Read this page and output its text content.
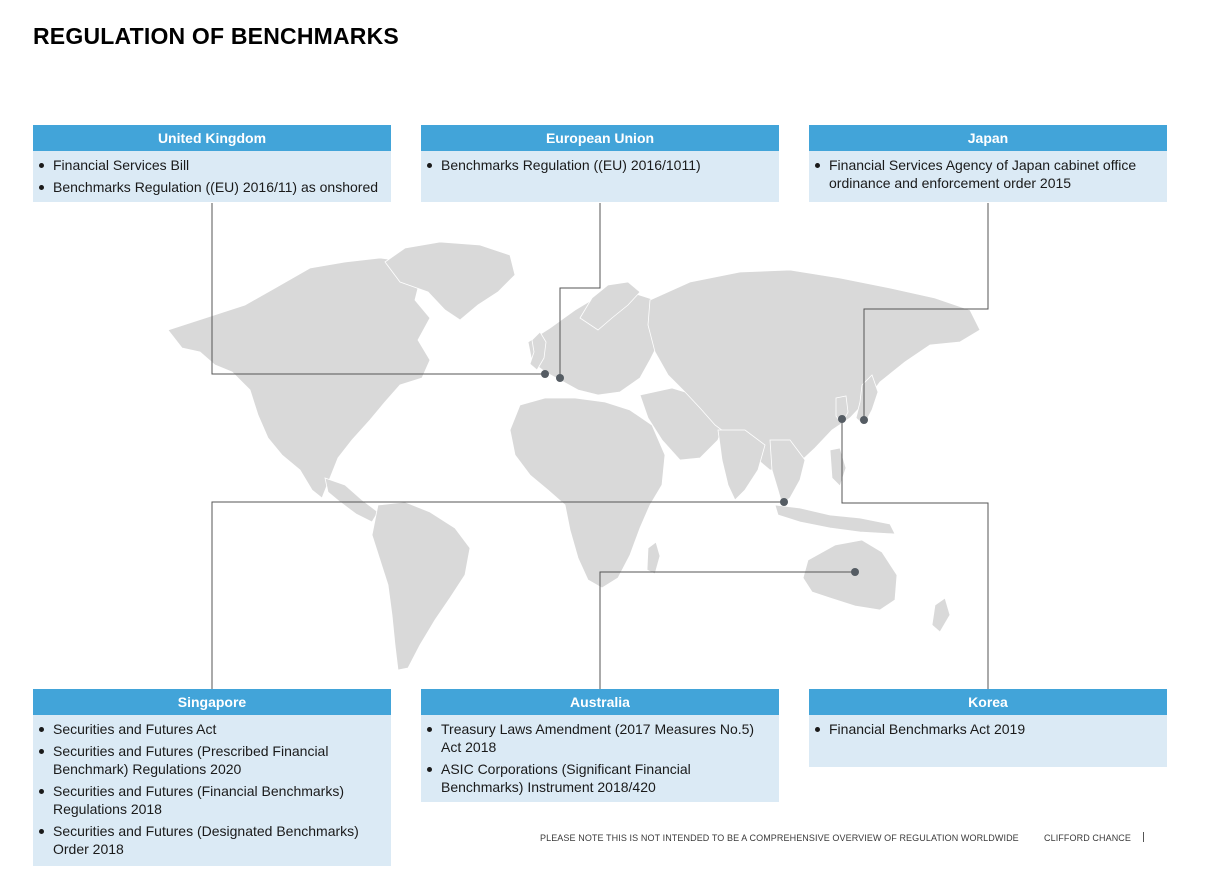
REGULATION OF BENCHMARKS
United Kingdom
Financial Services Bill
Benchmarks Regulation ((EU) 2016/11) as onshored
European Union
Benchmarks Regulation ((EU) 2016/1011)
Japan
Financial Services Agency of Japan cabinet office ordinance and enforcement order 2015
Singapore
Securities and Futures Act
Securities and Futures (Prescribed Financial Benchmark) Regulations 2020
Securities and Futures (Financial Benchmarks) Regulations 2018
Securities and Futures (Designated Benchmarks) Order 2018
Australia
Treasury Laws Amendment (2017 Measures No.5) Act 2018
ASIC Corporations (Significant Financial Benchmarks) Instrument 2018/420
Korea
Financial Benchmarks Act 2019
PLEASE NOTE THIS IS NOT INTENDED TO BE A COMPREHENSIVE OVERVIEW OF REGULATION WORLDWIDE	CLIFFORD CHANCE
